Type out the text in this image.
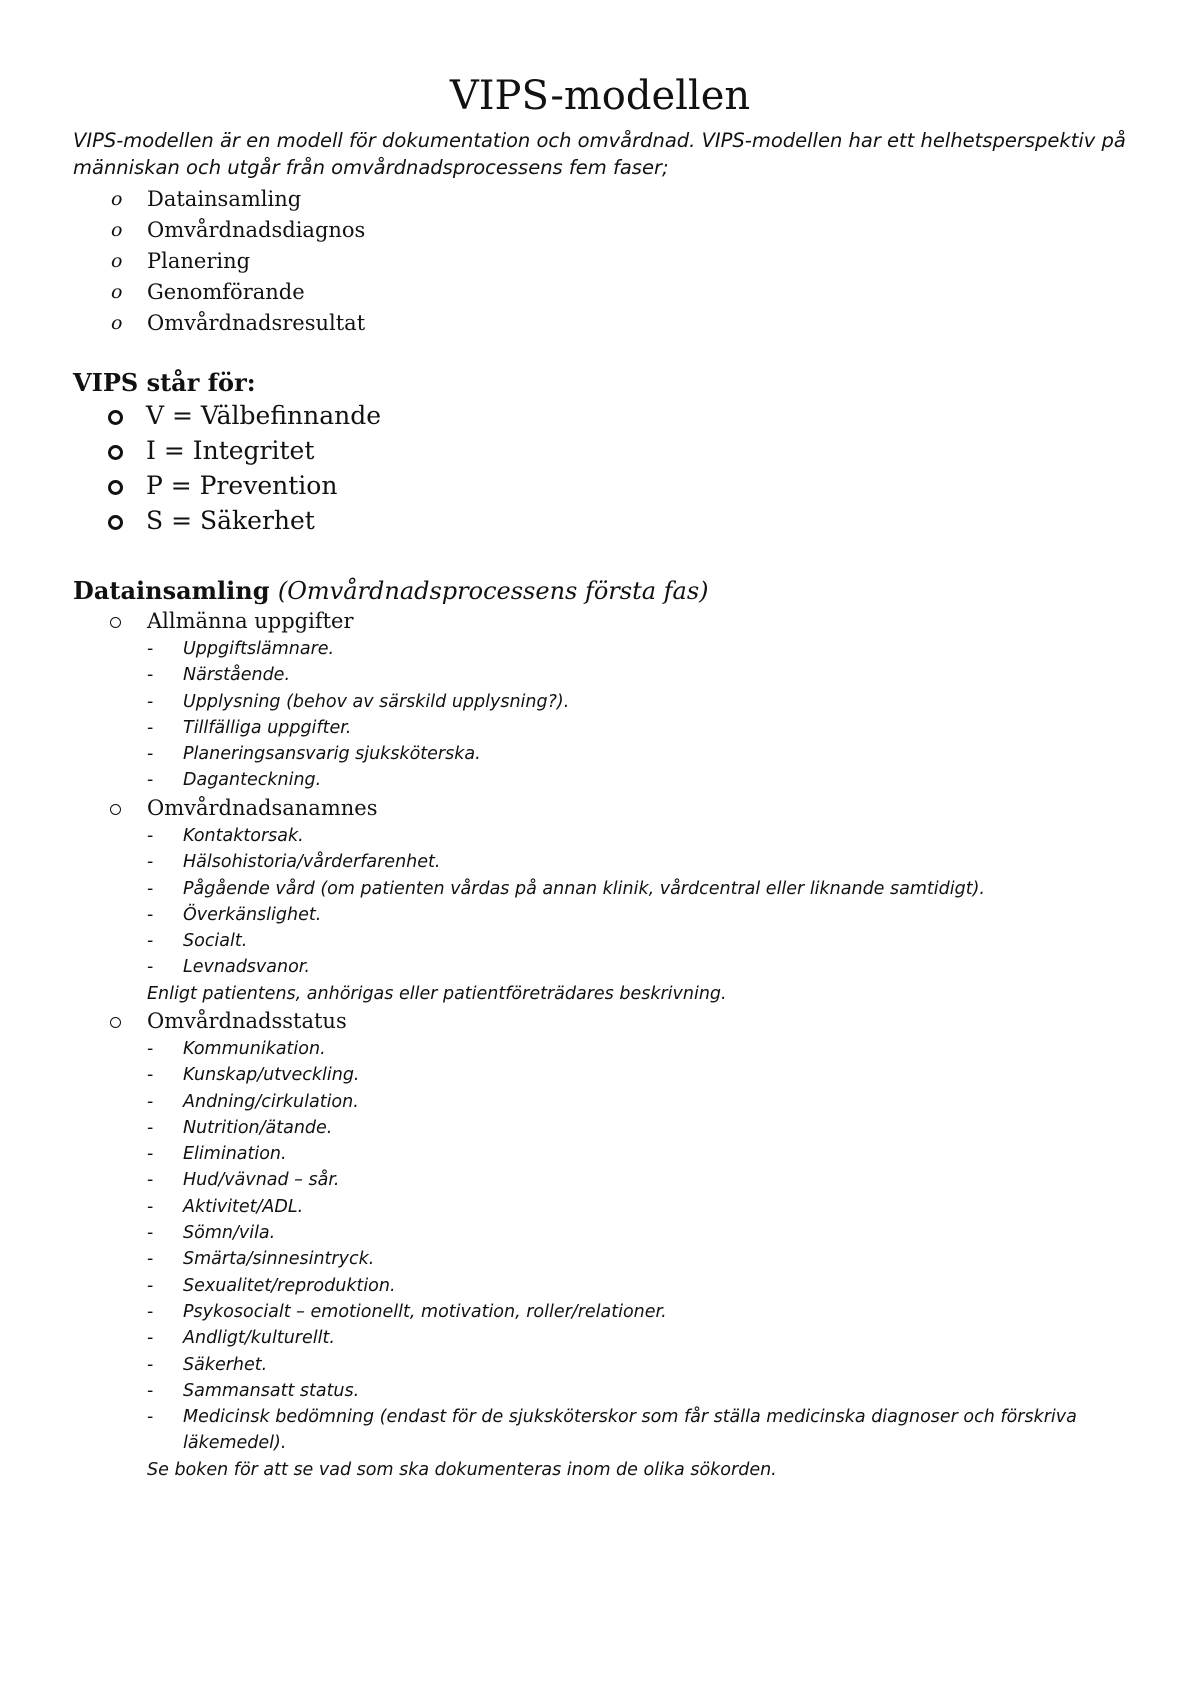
VIPS-modellen

VIPS-modellen är en modell för dokumentation och omvårdnad. VIPS-modellen har ett helhetsperspektiv på människan och utgår från omvårdnadsprocessens fem faser;

o Datainsamling
o Omvårdnadsdiagnos
o Planering
o Genomförande
o Omvårdnadsresultat
VIPS står för:
V = Välbefinnande
I = Integritet
P = Prevention
S = Säkerhet
Datainsamling (Omvårdnadsprocessens första fas)
Allmänna uppgifter
- Uppgiftslämnare.
- Närstående.
- Upplysning (behov av särskild upplysning?).
- Tillfälliga uppgifter.
- Planeringsansvarig sjuksköterska.
- Daganteckning.
Omvårdnadsanamnes
- Kontaktorsak.
- Hälsohistoria/vårderfarenhet.
- Pågående vård (om patienten vårdas på annan klinik, vårdcentral eller liknande samtidigt).
- Överkänslighet.
- Socialt.
- Levnadsvanor.

Enligt patientens, anhörigas eller patientföreträdares beskrivning.

Omvårdnadsstatus
- Kommunikation.
- Kunskap/utveckling.
- Andning/cirkulation.
- Nutrition/ätande.
- Elimination.
- Hud/vävnad – sår.
- Aktivitet/ADL.
- Sömn/vila.
- Smärta/sinnesintryck.
- Sexualitet/reproduktion.
- Psykosocialt – emotionellt, motivation, roller/relationer.
- Andligt/kulturellt.
- Säkerhet.
- Sammansatt status.
- Medicinsk bedömning (endast för de sjuksköterskor som får ställa medicinska diagnoser och förskriva läkemedel).

Se boken för att se vad som ska dokumenteras inom de olika sökorden.
